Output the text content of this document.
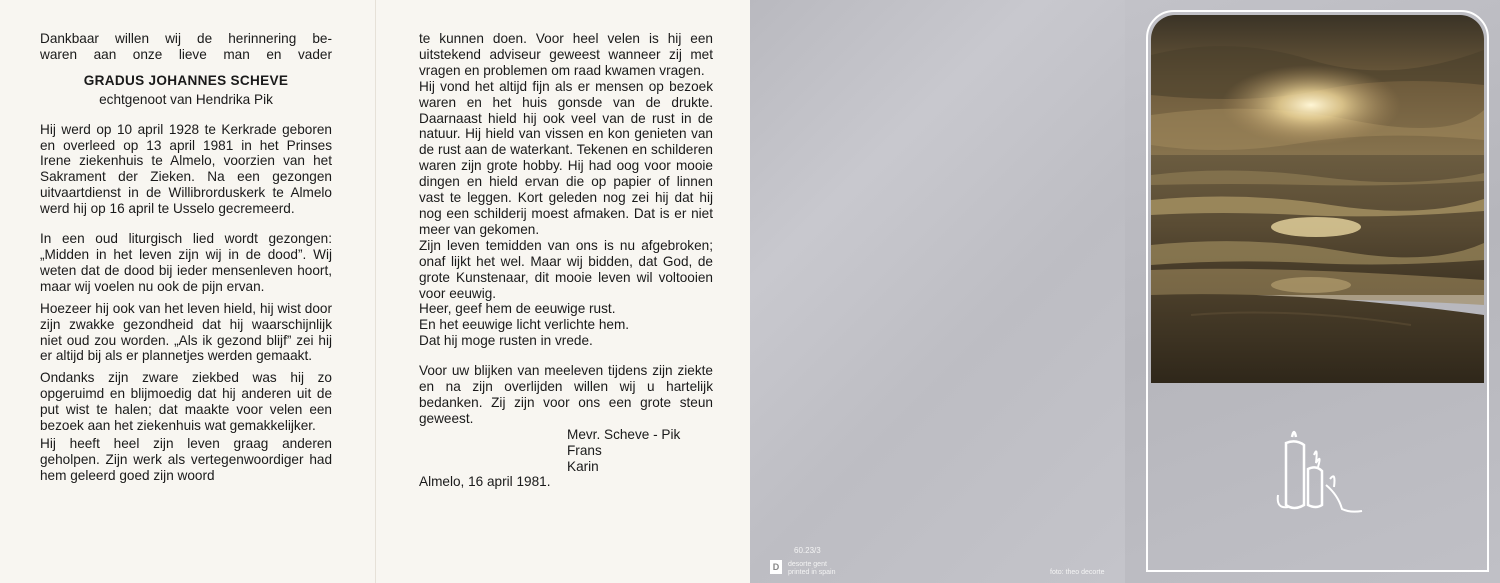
Dankbaar willen wij de herinnering be-

waren aan onze lieve man en vader

GRADUS JOHANNES SCHEVE

echtgenoot van Hendrika Pik

Hij werd op 10 april 1928 te Kerkrade geboren en overleed op 13 april 1981 in het Prinses Irene ziekenhuis te Almelo, voorzien van het Sakrament der Zieken. Na een gezongen uitvaartdienst in de Willibrorduskerk te Almelo werd hij op 16 april te Usselo gecremeerd.

In een oud liturgisch lied wordt gezongen: „Midden in het leven zijn wij in de dood”. Wij weten dat de dood bij ieder mensenleven hoort, maar wij voelen nu ook de pijn ervan.

Hoezeer hij ook van het leven hield, hij wist door zijn zwakke gezondheid dat hij waarschijnlijk niet oud zou worden. „Als ik gezond blijf” zei hij er altijd bij als er plannetjes werden gemaakt.

Ondanks zijn zware ziekbed was hij zo opgeruimd en blijmoedig dat hij anderen uit de put wist te halen; dat maakte voor velen een bezoek aan het ziekenhuis wat gemakkelijker.

Hij heeft heel zijn leven graag anderen geholpen. Zijn werk als vertegenwoordiger had hem geleerd goed zijn woord

te kunnen doen. Voor heel velen is hij een uitstekend adviseur geweest wanneer zij met vragen en problemen om raad kwamen vragen.

Hij vond het altijd fijn als er mensen op bezoek waren en het huis gonsde van de drukte. Daarnaast hield hij ook veel van de rust in de natuur. Hij hield van vissen en kon genieten van de rust aan de waterkant. Tekenen en schilderen waren zijn grote hobby. Hij had oog voor mooie dingen en hield ervan die op papier of linnen vast te leggen. Kort geleden nog zei hij dat hij nog een schilderij moest afmaken. Dat is er niet meer van gekomen.

Zijn leven temidden van ons is nu afgebroken; onaf lijkt het wel. Maar wij bidden, dat God, de grote Kunstenaar, dit mooie leven wil voltooien voor eeuwig.

Heer, geef hem de eeuwige rust.

En het eeuwige licht verlichte hem.

Dat hij moge rusten in vrede.

Voor uw blijken van meeleven tijdens zijn ziekte en na zijn overlijden willen wij u hartelijk bedanken. Zij zijn voor ons een grote steun geweest.

Mevr. Scheve - Pik

Frans

Karin

Almelo, 16 april 1981.

60.23/3
desorte gent
printed in spain	foto: theo decorte
D
